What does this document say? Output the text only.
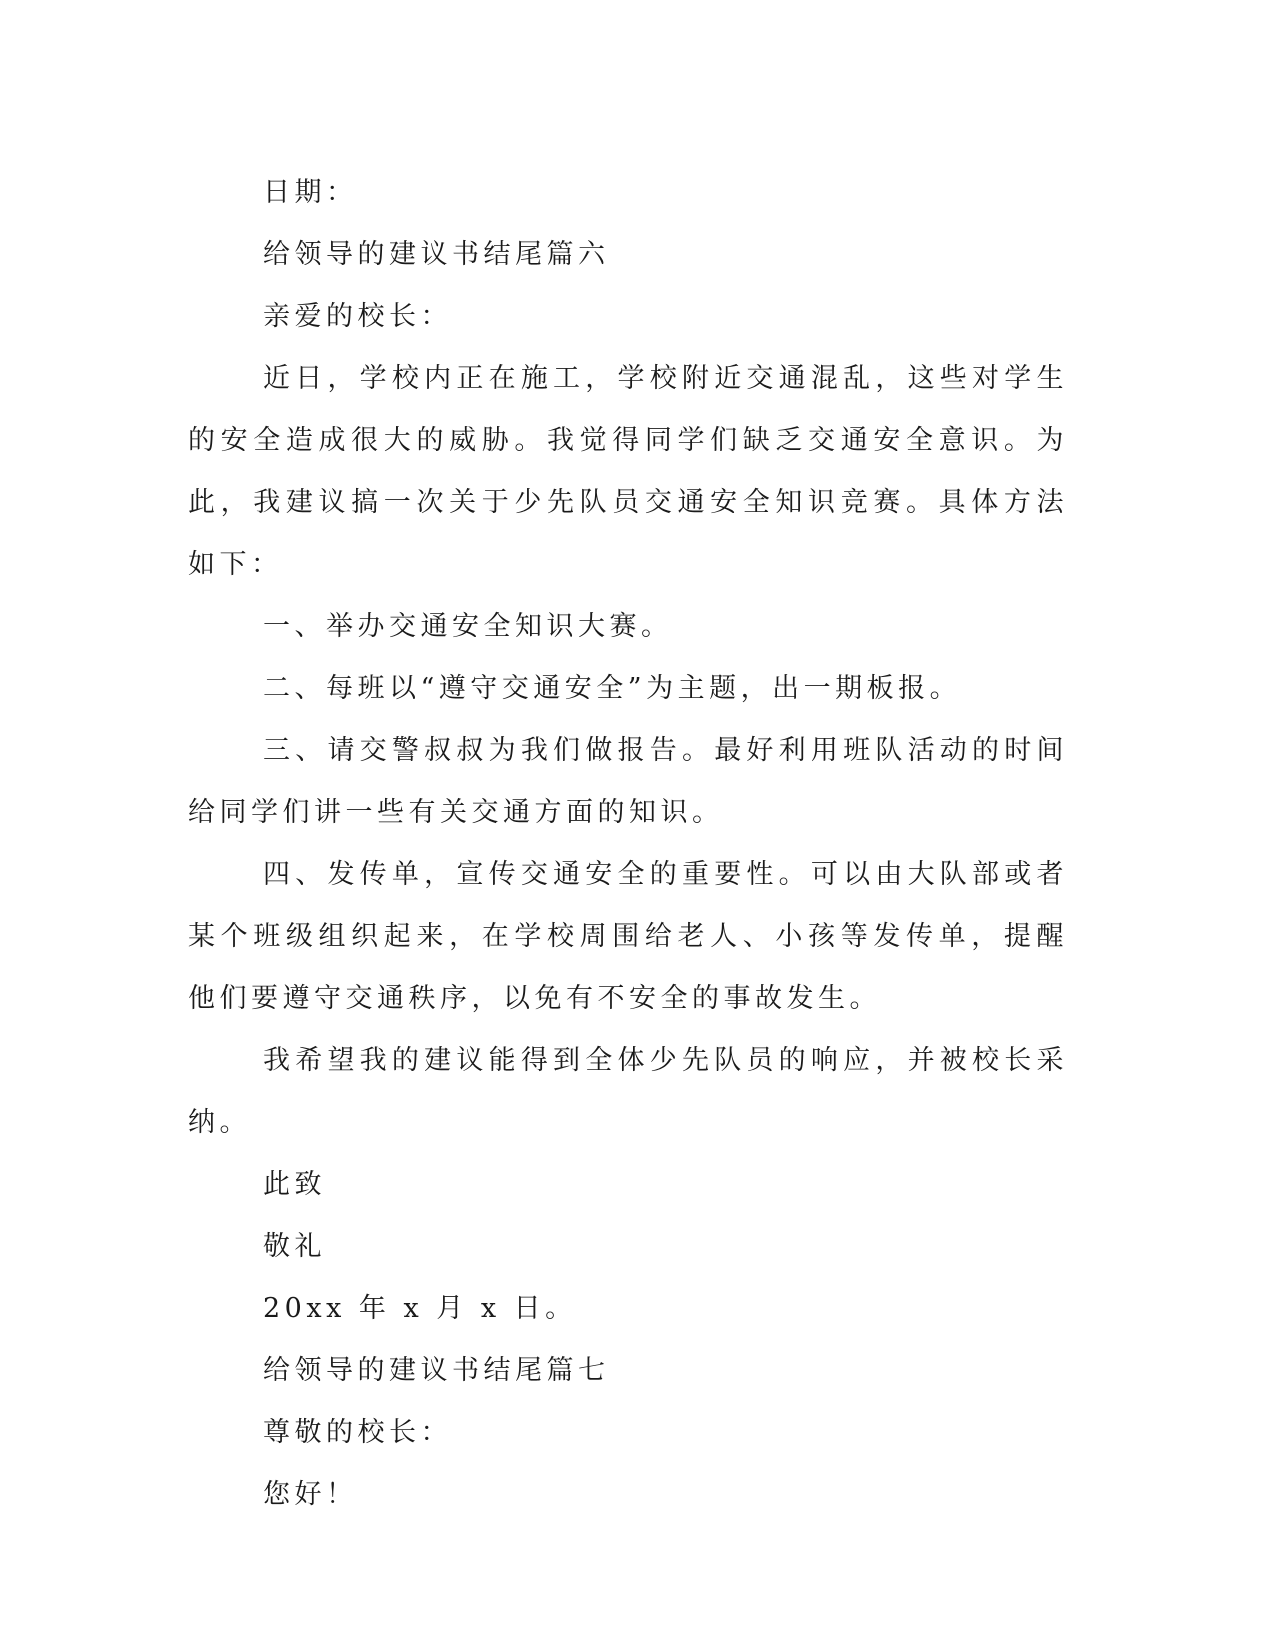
日期：

给领导的建议书结尾篇六

亲爱的校长：

近日，学校内正在施工，学校附近交通混乱，这些对学生的安全造成很大的威胁。我觉得同学们缺乏交通安全意识。为此，我建议搞一次关于少先队员交通安全知识竞赛。具体方法如下：

一、举办交通安全知识大赛。

二、每班以“遵守交通安全”为主题，出一期板报。

三、请交警叔叔为我们做报告。最好利用班队活动的时间给同学们讲一些有关交通方面的知识。

四、发传单，宣传交通安全的重要性。可以由大队部或者某个班级组织起来，在学校周围给老人、小孩等发传单，提醒他们要遵守交通秩序，以免有不安全的事故发生。

我希望我的建议能得到全体少先队员的响应，并被校长采纳。

此致

敬礼

20xx 年 x 月 x 日。

给领导的建议书结尾篇七

尊敬的校长：

您好！
